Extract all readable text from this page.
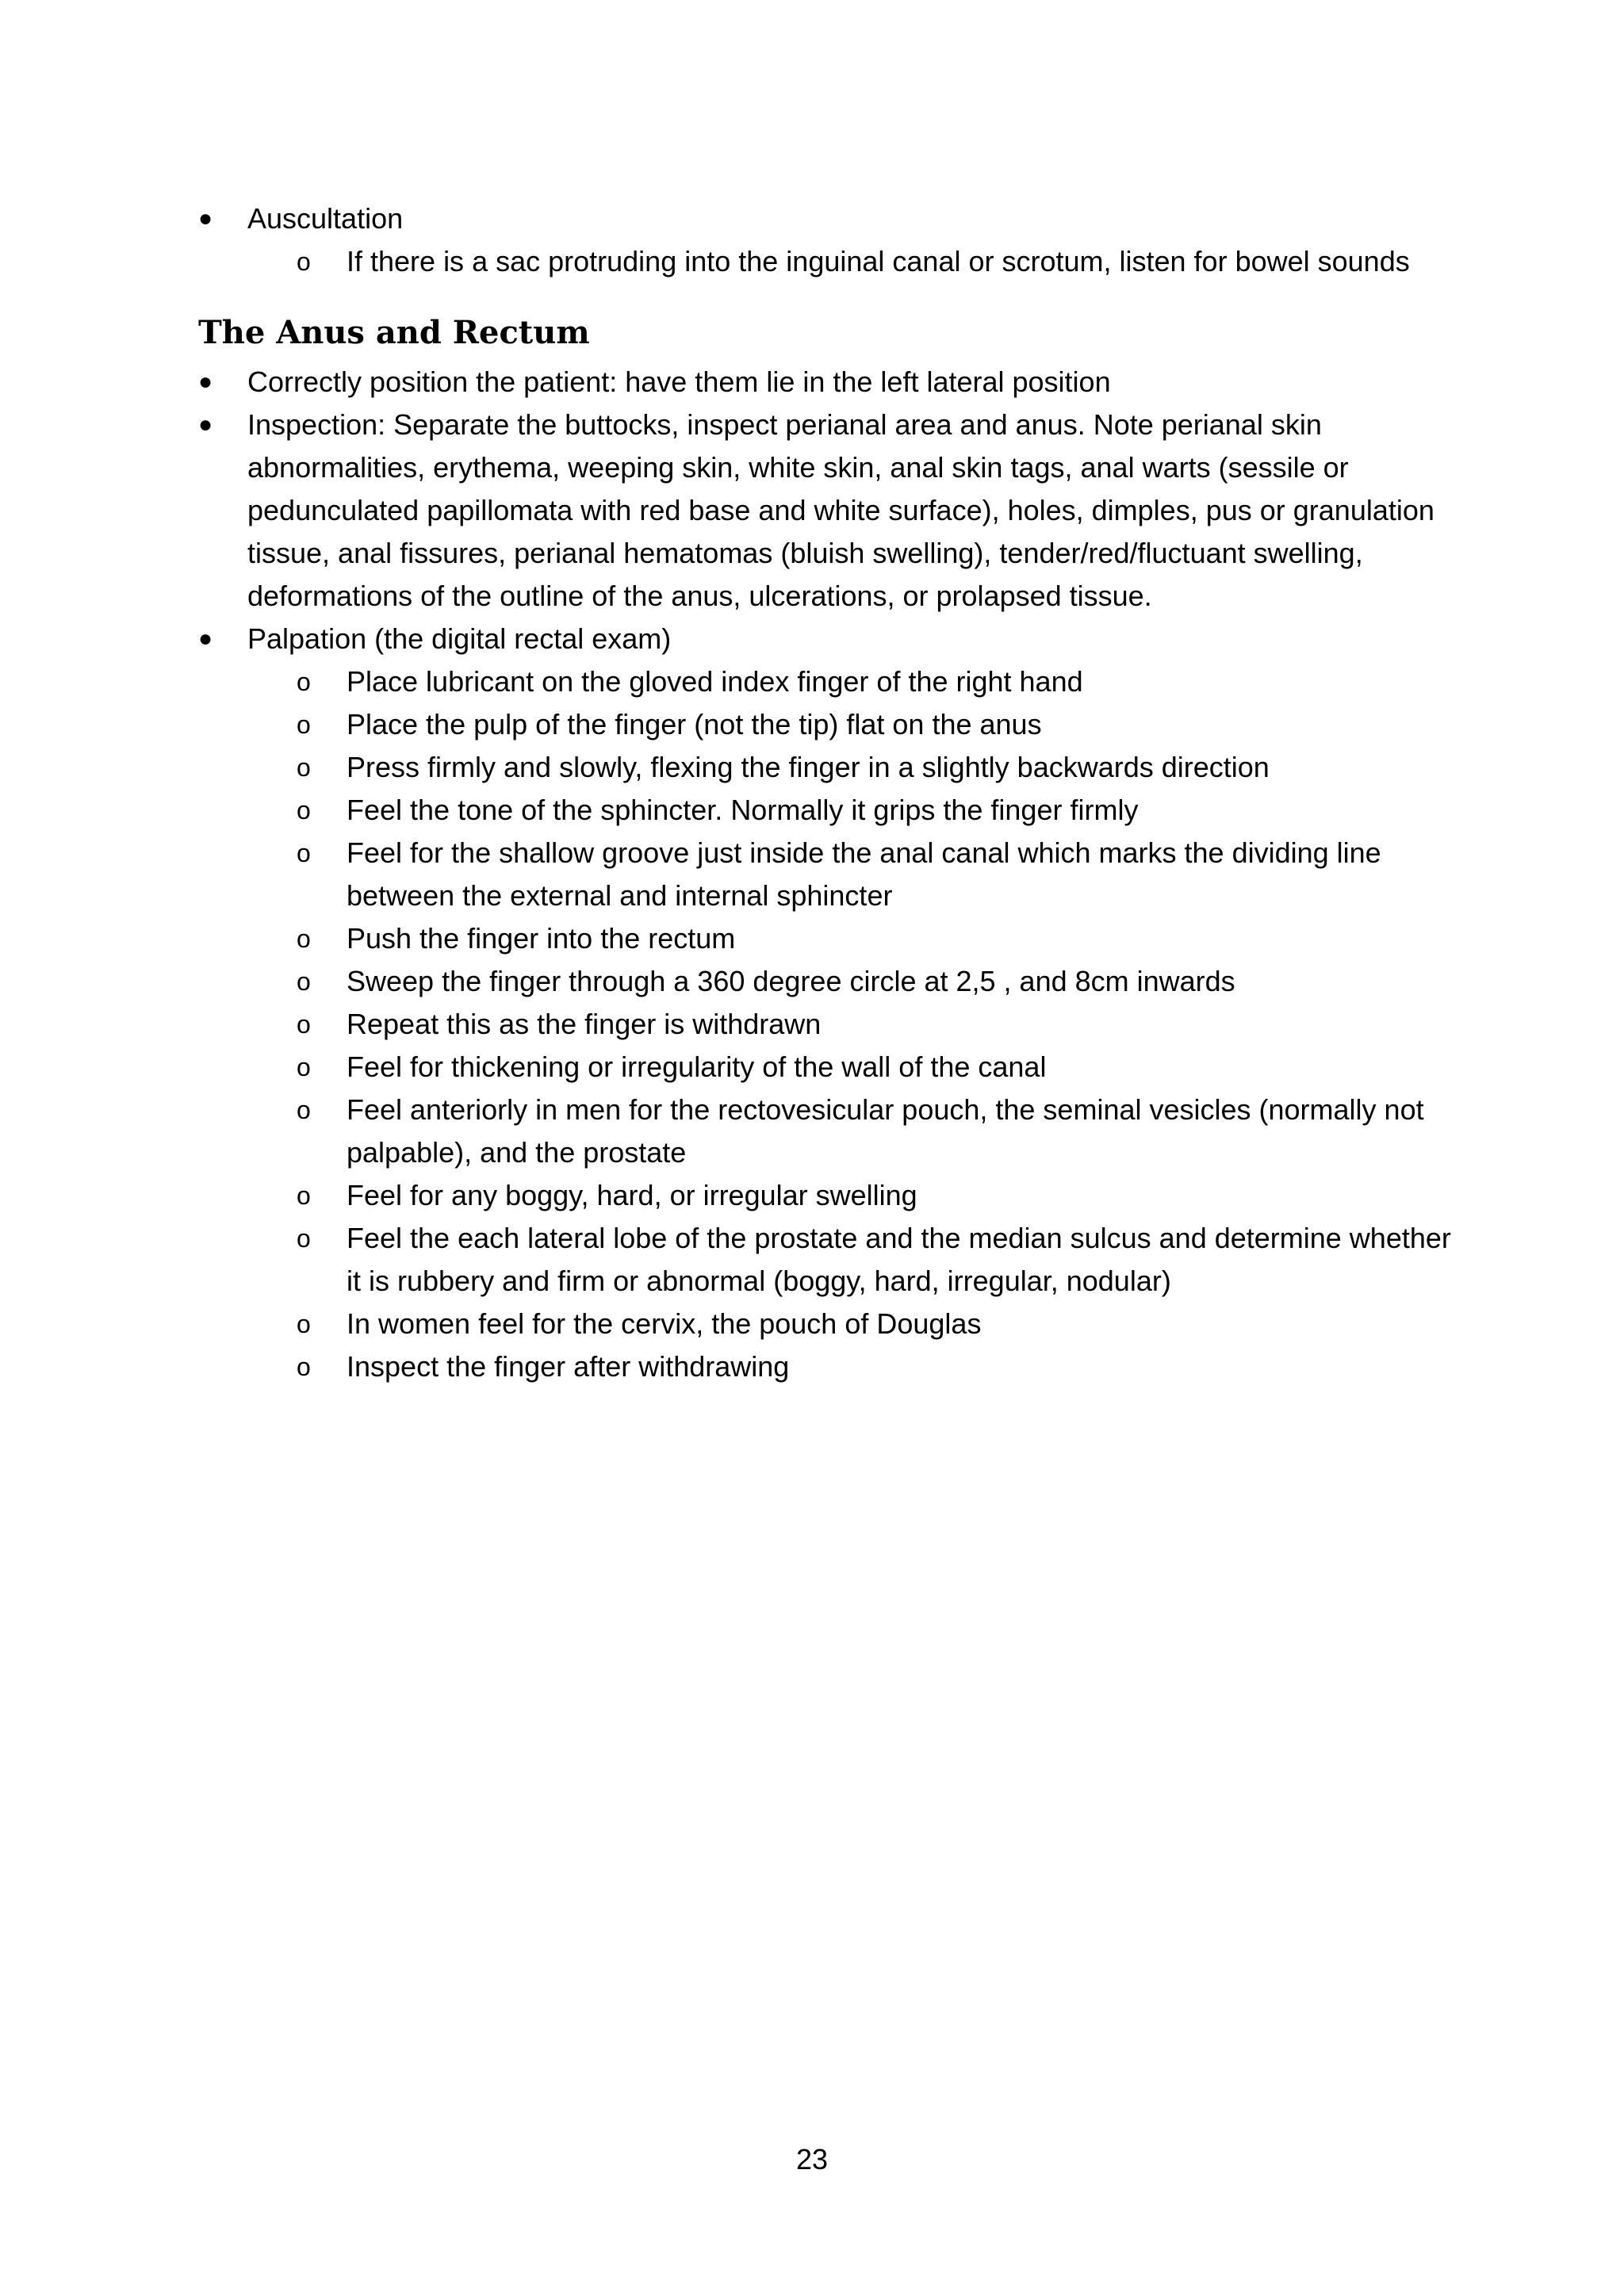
● Auscultation
o If there is a sac protruding into the inguinal canal or scrotum, listen for bowel sounds
The Anus and Rectum
● Correctly position the patient: have them lie in the left lateral position
● Inspection: Separate the buttocks, inspect perianal area and anus. Note perianal skin abnormalities, erythema, weeping skin, white skin, anal skin tags, anal warts (sessile or pedunculated papillomata with red base and white surface), holes, dimples, pus or granulation tissue, anal fissures, perianal hematomas (bluish swelling), tender/red/fluctuant swelling, deformations of the outline of the anus, ulcerations, or prolapsed tissue.
● Palpation (the digital rectal exam)
o Place lubricant on the gloved index finger of the right hand
o Place the pulp of the finger (not the tip) flat on the anus
o Press firmly and slowly, flexing the finger in a slightly backwards direction
o Feel the tone of the sphincter. Normally it grips the finger firmly
o Feel for the shallow groove just inside the anal canal which marks the dividing line between the external and internal sphincter
o Push the finger into the rectum
o Sweep the finger through a 360 degree circle at 2,5 , and 8cm inwards
o Repeat this as the finger is withdrawn
o Feel for thickening or irregularity of the wall of the canal
o Feel anteriorly in men for the rectovesicular pouch, the seminal vesicles (normally not palpable), and the prostate
o Feel for any boggy, hard, or irregular swelling
o Feel the each lateral lobe of the prostate and the median sulcus and determine whether it is rubbery and firm or abnormal (boggy, hard, irregular, nodular)
o In women feel for the cervix, the pouch of Douglas
o Inspect the finger after withdrawing
23
